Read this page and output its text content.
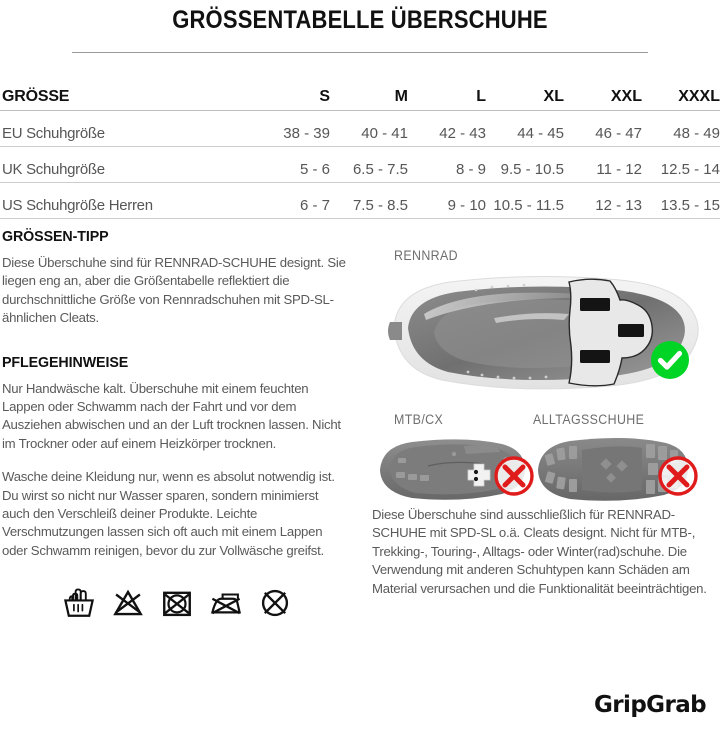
GRÖSSENTABELLE ÜBERSCHUHE
GRÖSSE	S	M	L	XL	XXL	XXXL
EU Schuhgröße	38 - 39	40 - 41	42 - 43	44 - 45	46 - 47	48 - 49
UK Schuhgröße	5 - 6	6.5 - 7.5	8 - 9	9.5 - 10.5	11 - 12	12.5 - 14
US Schuhgröße Herren	6 - 7	7.5 - 8.5	9 - 10	10.5 - 11.5	12 - 13	13.5 - 15
GRÖSSEN-TIPP

Diese Überschuhe sind für RENNRAD-SCHUHE designt. Sie liegen eng an, aber die Größentabelle reflektiert die durchschnittliche Größe von Rennradschuhen mit SPD-SL-ähnlichen Cleats.

PFLEGEHINWEISE

Nur Handwäsche kalt. Überschuhe mit einem feuchten Lappen oder Schwamm nach der Fahrt und vor dem Ausziehen abwischen und an der Luft trocknen lassen. Nicht im Trockner oder auf einem Heizkörper trocknen.

Wasche deine Kleidung nur, wenn es absolut notwendig ist. Du wirst so nicht nur Wasser sparen, sondern minimierst auch den Verschleiß deiner Produkte. Leichte Verschmutzungen lassen sich oft auch mit einem Lappen oder Schwamm reinigen, bevor du zur Vollwäsche greifst.

RENNRAD
MTB/CX	ALLTAGSSCHUHE

Diese Überschuhe sind ausschließlich für RENNRAD-SCHUHE mit SPD-SL o.ä. Cleats designt. Nicht für MTB-, Trekking-, Touring-, Alltags- oder Winter(rad)schuhe. Die Verwendung mit anderen Schuhtypen kann Schäden am Material verursachen und die Funktionalität beeinträchtigen.

GripGrab
